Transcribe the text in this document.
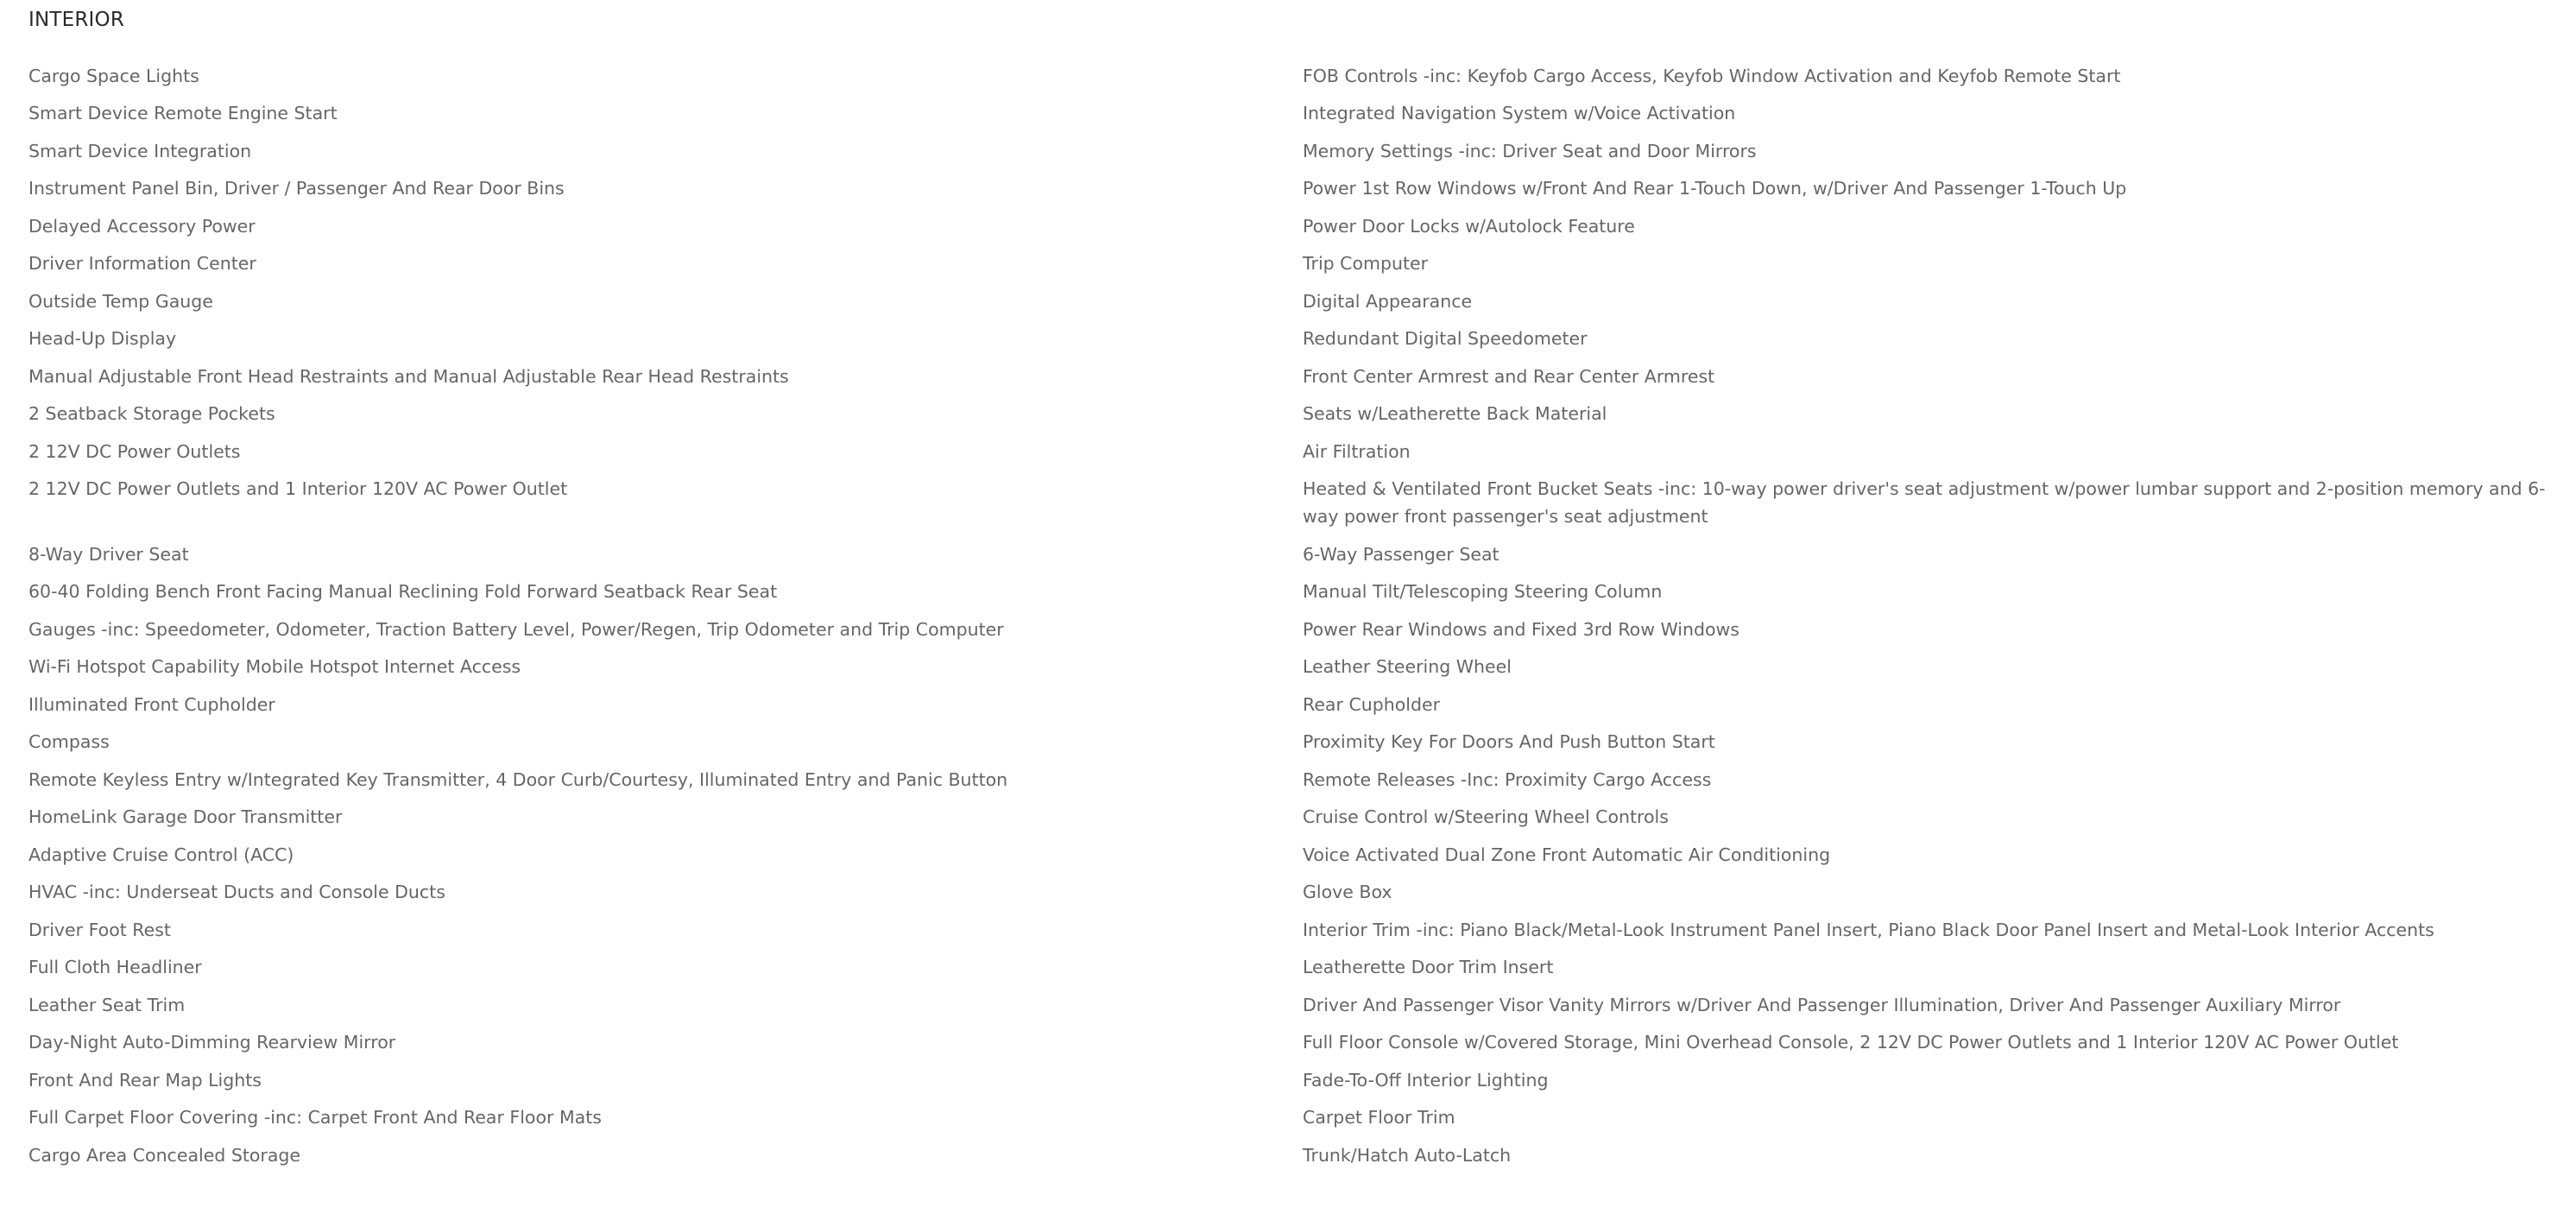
INTERIOR
Cargo Space Lights	FOB Controls -inc: Keyfob Cargo Access, Keyfob Window Activation and Keyfob Remote Start
Smart Device Remote Engine Start	Integrated Navigation System w/Voice Activation
Smart Device Integration	Memory Settings -inc: Driver Seat and Door Mirrors
Instrument Panel Bin, Driver / Passenger And Rear Door Bins	Power 1st Row Windows w/Front And Rear 1-Touch Down, w/Driver And Passenger 1-Touch Up
Delayed Accessory Power	Power Door Locks w/Autolock Feature
Driver Information Center	Trip Computer
Outside Temp Gauge	Digital Appearance
Head-Up Display	Redundant Digital Speedometer
Manual Adjustable Front Head Restraints and Manual Adjustable Rear Head Restraints	Front Center Armrest and Rear Center Armrest
2 Seatback Storage Pockets	Seats w/Leatherette Back Material
2 12V DC Power Outlets	Air Filtration
2 12V DC Power Outlets and 1 Interior 120V AC Power Outlet	Heated & Ventilated Front Bucket Seats -inc: 10-way power driver's seat adjustment w/power lumbar support and 2-position memory and 6-way power front passenger's seat adjustment
8-Way Driver Seat	6-Way Passenger Seat
60-40 Folding Bench Front Facing Manual Reclining Fold Forward Seatback Rear Seat	Manual Tilt/Telescoping Steering Column
Gauges -inc: Speedometer, Odometer, Traction Battery Level, Power/Regen, Trip Odometer and Trip Computer	Power Rear Windows and Fixed 3rd Row Windows
Wi-Fi Hotspot Capability Mobile Hotspot Internet Access	Leather Steering Wheel
Illuminated Front Cupholder	Rear Cupholder
Compass	Proximity Key For Doors And Push Button Start
Remote Keyless Entry w/Integrated Key Transmitter, 4 Door Curb/Courtesy, Illuminated Entry and Panic Button	Remote Releases -Inc: Proximity Cargo Access
HomeLink Garage Door Transmitter	Cruise Control w/Steering Wheel Controls
Adaptive Cruise Control (ACC)	Voice Activated Dual Zone Front Automatic Air Conditioning
HVAC -inc: Underseat Ducts and Console Ducts	Glove Box
Driver Foot Rest	Interior Trim -inc: Piano Black/Metal-Look Instrument Panel Insert, Piano Black Door Panel Insert and Metal-Look Interior Accents
Full Cloth Headliner	Leatherette Door Trim Insert
Leather Seat Trim	Driver And Passenger Visor Vanity Mirrors w/Driver And Passenger Illumination, Driver And Passenger Auxiliary Mirror
Day-Night Auto-Dimming Rearview Mirror	Full Floor Console w/Covered Storage, Mini Overhead Console, 2 12V DC Power Outlets and 1 Interior 120V AC Power Outlet
Front And Rear Map Lights	Fade-To-Off Interior Lighting
Full Carpet Floor Covering -inc: Carpet Front And Rear Floor Mats	Carpet Floor Trim
Cargo Area Concealed Storage	Trunk/Hatch Auto-Latch
